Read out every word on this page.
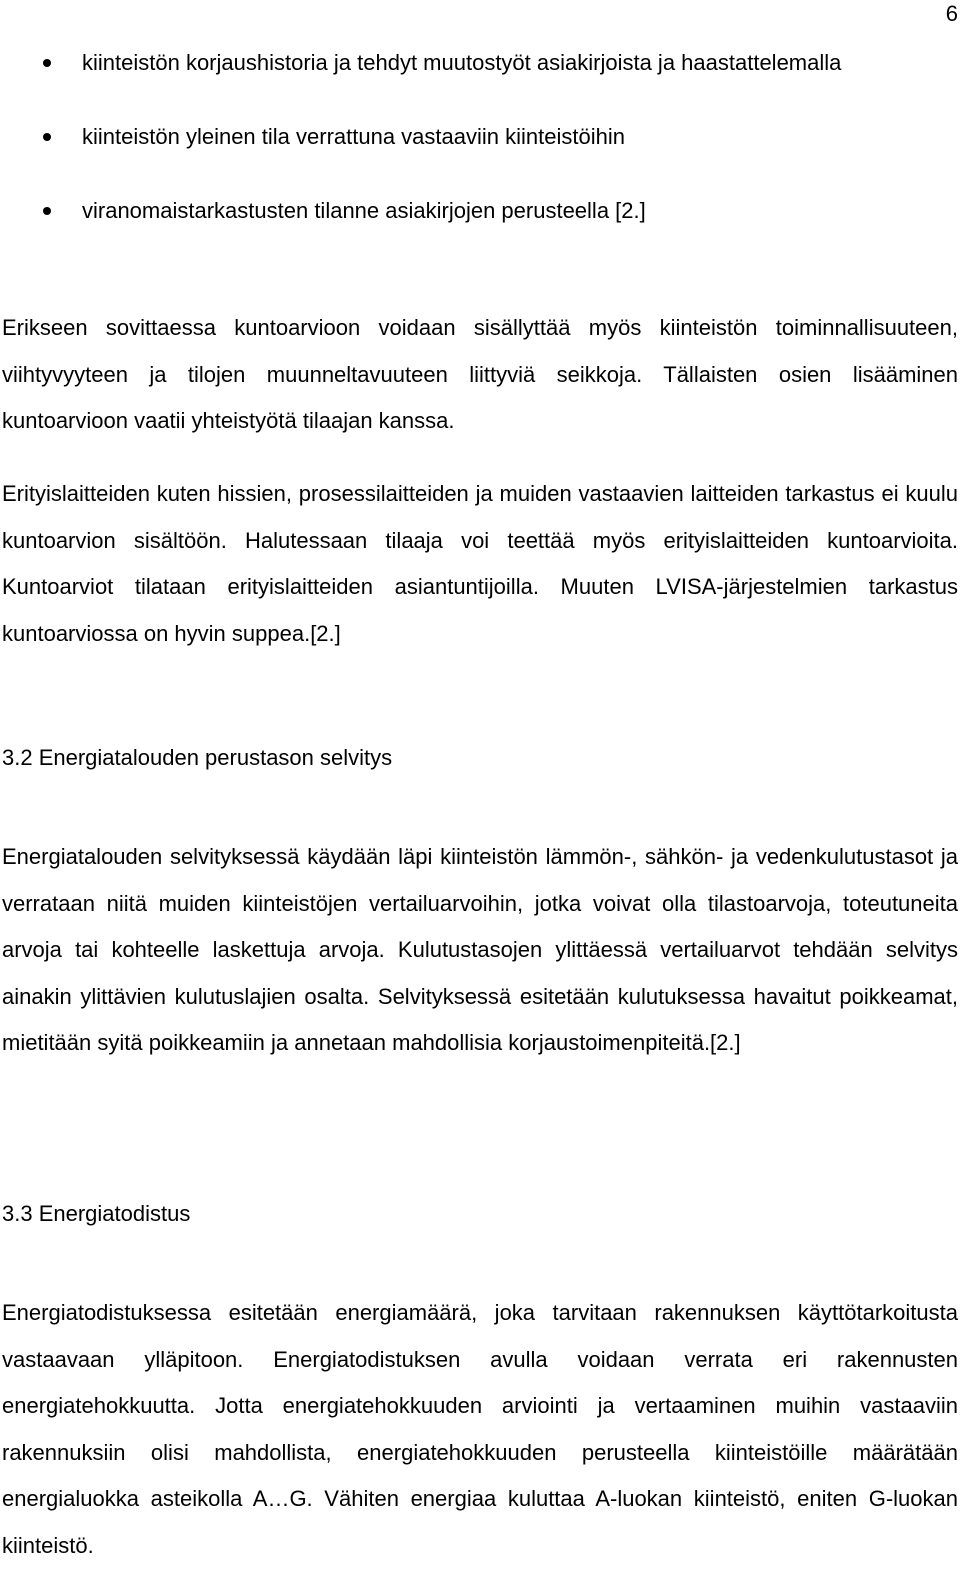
6
kiinteistön korjaushistoria ja tehdyt muutostyöt asiakirjoista ja haastattelemalla
kiinteistön yleinen tila verrattuna vastaaviin kiinteistöihin
viranomaistarkastusten tilanne asiakirjojen perusteella [2.]

Erikseen sovittaessa kuntoarvioon voidaan sisällyttää myös kiinteistön toiminnallisuuteen, viihtyvyyteen ja tilojen muunneltavuuteen liittyviä seikkoja. Tällaisten osien lisääminen kuntoarvioon vaatii yhteistyötä tilaajan kanssa.

Erityislaitteiden kuten hissien, prosessilaitteiden ja muiden vastaavien laitteiden tarkastus ei kuulu kuntoarvion sisältöön. Halutessaan tilaaja voi teettää myös erityislaitteiden kuntoarvioita. Kuntoarviot tilataan erityislaitteiden asiantuntijoilla. Muuten LVISA-järjestelmien tarkastus kuntoarviossa on hyvin suppea.[2.]

3.2 Energiatalouden perustason selvitys

Energiatalouden selvityksessä käydään läpi kiinteistön lämmön-, sähkön- ja vedenkulutustasot ja verrataan niitä muiden kiinteistöjen vertailuarvoihin, jotka voivat olla tilastoarvoja, toteutuneita arvoja tai kohteelle laskettuja arvoja. Kulutustasojen ylittäessä vertailuarvot tehdään selvitys ainakin ylittävien kulutuslajien osalta. Selvityksessä esitetään kulutuksessa havaitut poikkeamat, mietitään syitä poikkeamiin ja annetaan mahdollisia korjaustoimenpiteitä.[2.]

3.3 Energiatodistus

Energiatodistuksessa esitetään energiamäärä, joka tarvitaan rakennuksen käyttötarkoitusta vastaavaan ylläpitoon. Energiatodistuksen avulla voidaan verrata eri rakennusten energiatehokkuutta. Jotta energiatehokkuuden arviointi ja vertaaminen muihin vastaaviin rakennuksiin olisi mahdollista, energiatehokkuuden perusteella kiinteistöille määrätään energialuokka asteikolla A…G. Vähiten energiaa kuluttaa A-luokan kiinteistö, eniten G-luokan kiinteistö.
